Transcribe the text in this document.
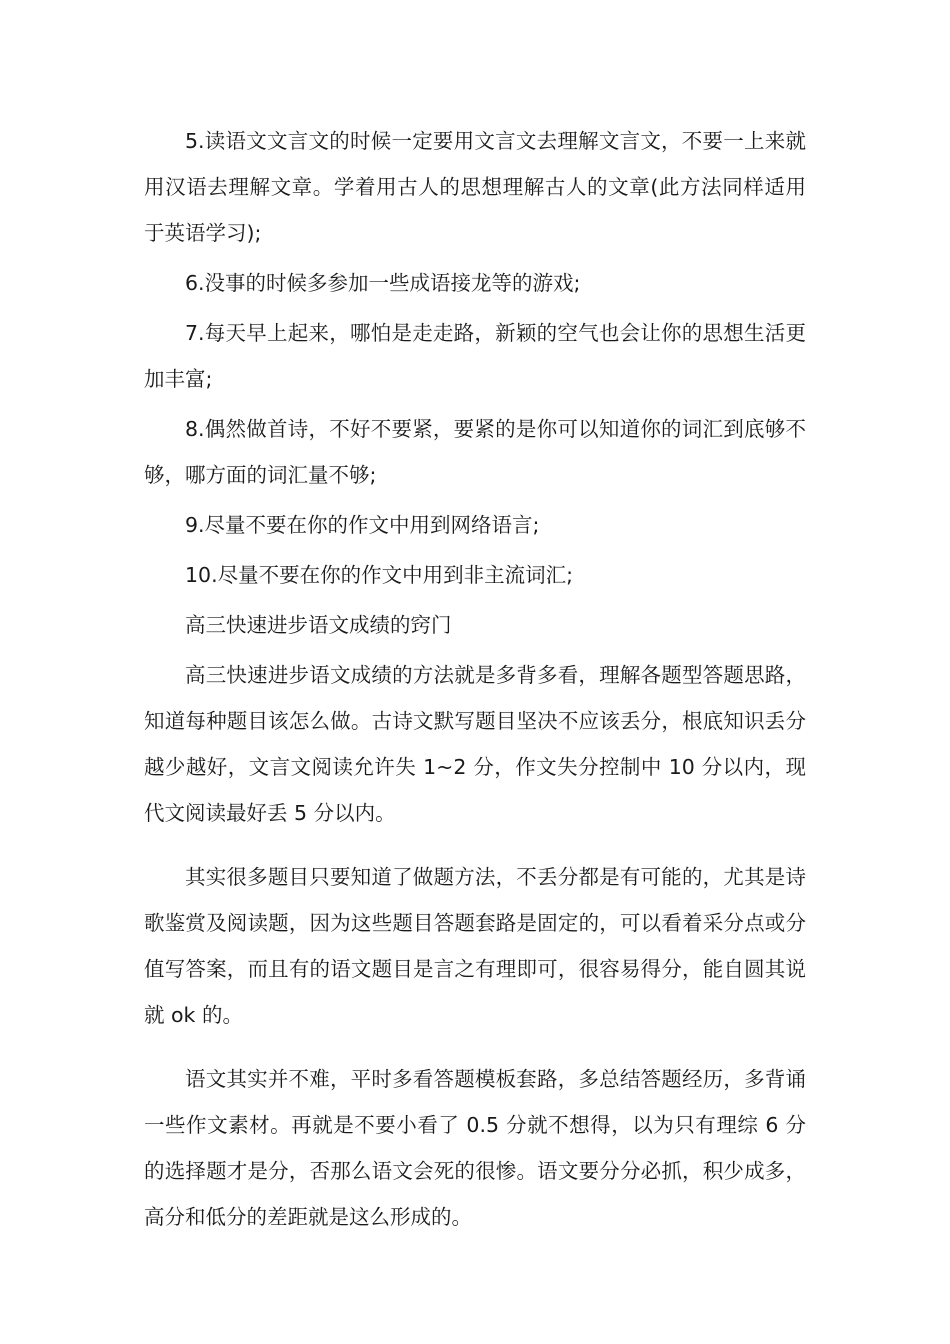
5.读语文文言文的时候一定要用文言文去理解文言文，不要一上来就用汉语去理解文章。学着用古人的思想理解古人的文章(此方法同样适用于英语学习);

6.没事的时候多参加一些成语接龙等的游戏;

7.每天早上起来，哪怕是走走路，新颖的空气也会让你的思想生活更加丰富;

8.偶然做首诗，不好不要紧，要紧的是你可以知道你的词汇到底够不够，哪方面的词汇量不够;

9.尽量不要在你的作文中用到网络语言;

10.尽量不要在你的作文中用到非主流词汇;

高三快速进步语文成绩的窍门

高三快速进步语文成绩的方法就是多背多看，理解各题型答题思路，知道每种题目该怎么做。古诗文默写题目坚决不应该丢分，根底知识丢分越少越好，文言文阅读允许失 1~2 分，作文失分控制中 10 分以内，现代文阅读最好丢 5 分以内。

其实很多题目只要知道了做题方法，不丢分都是有可能的，尤其是诗歌鉴赏及阅读题，因为这些题目答题套路是固定的，可以看着采分点或分值写答案，而且有的语文题目是言之有理即可，很容易得分，能自圆其说就 ok 的。

语文其实并不难，平时多看答题模板套路，多总结答题经历，多背诵一些作文素材。再就是不要小看了 0.5 分就不想得，以为只有理综 6 分的选择题才是分，否那么语文会死的很惨。语文要分分必抓，积少成多，高分和低分的差距就是这么形成的。
